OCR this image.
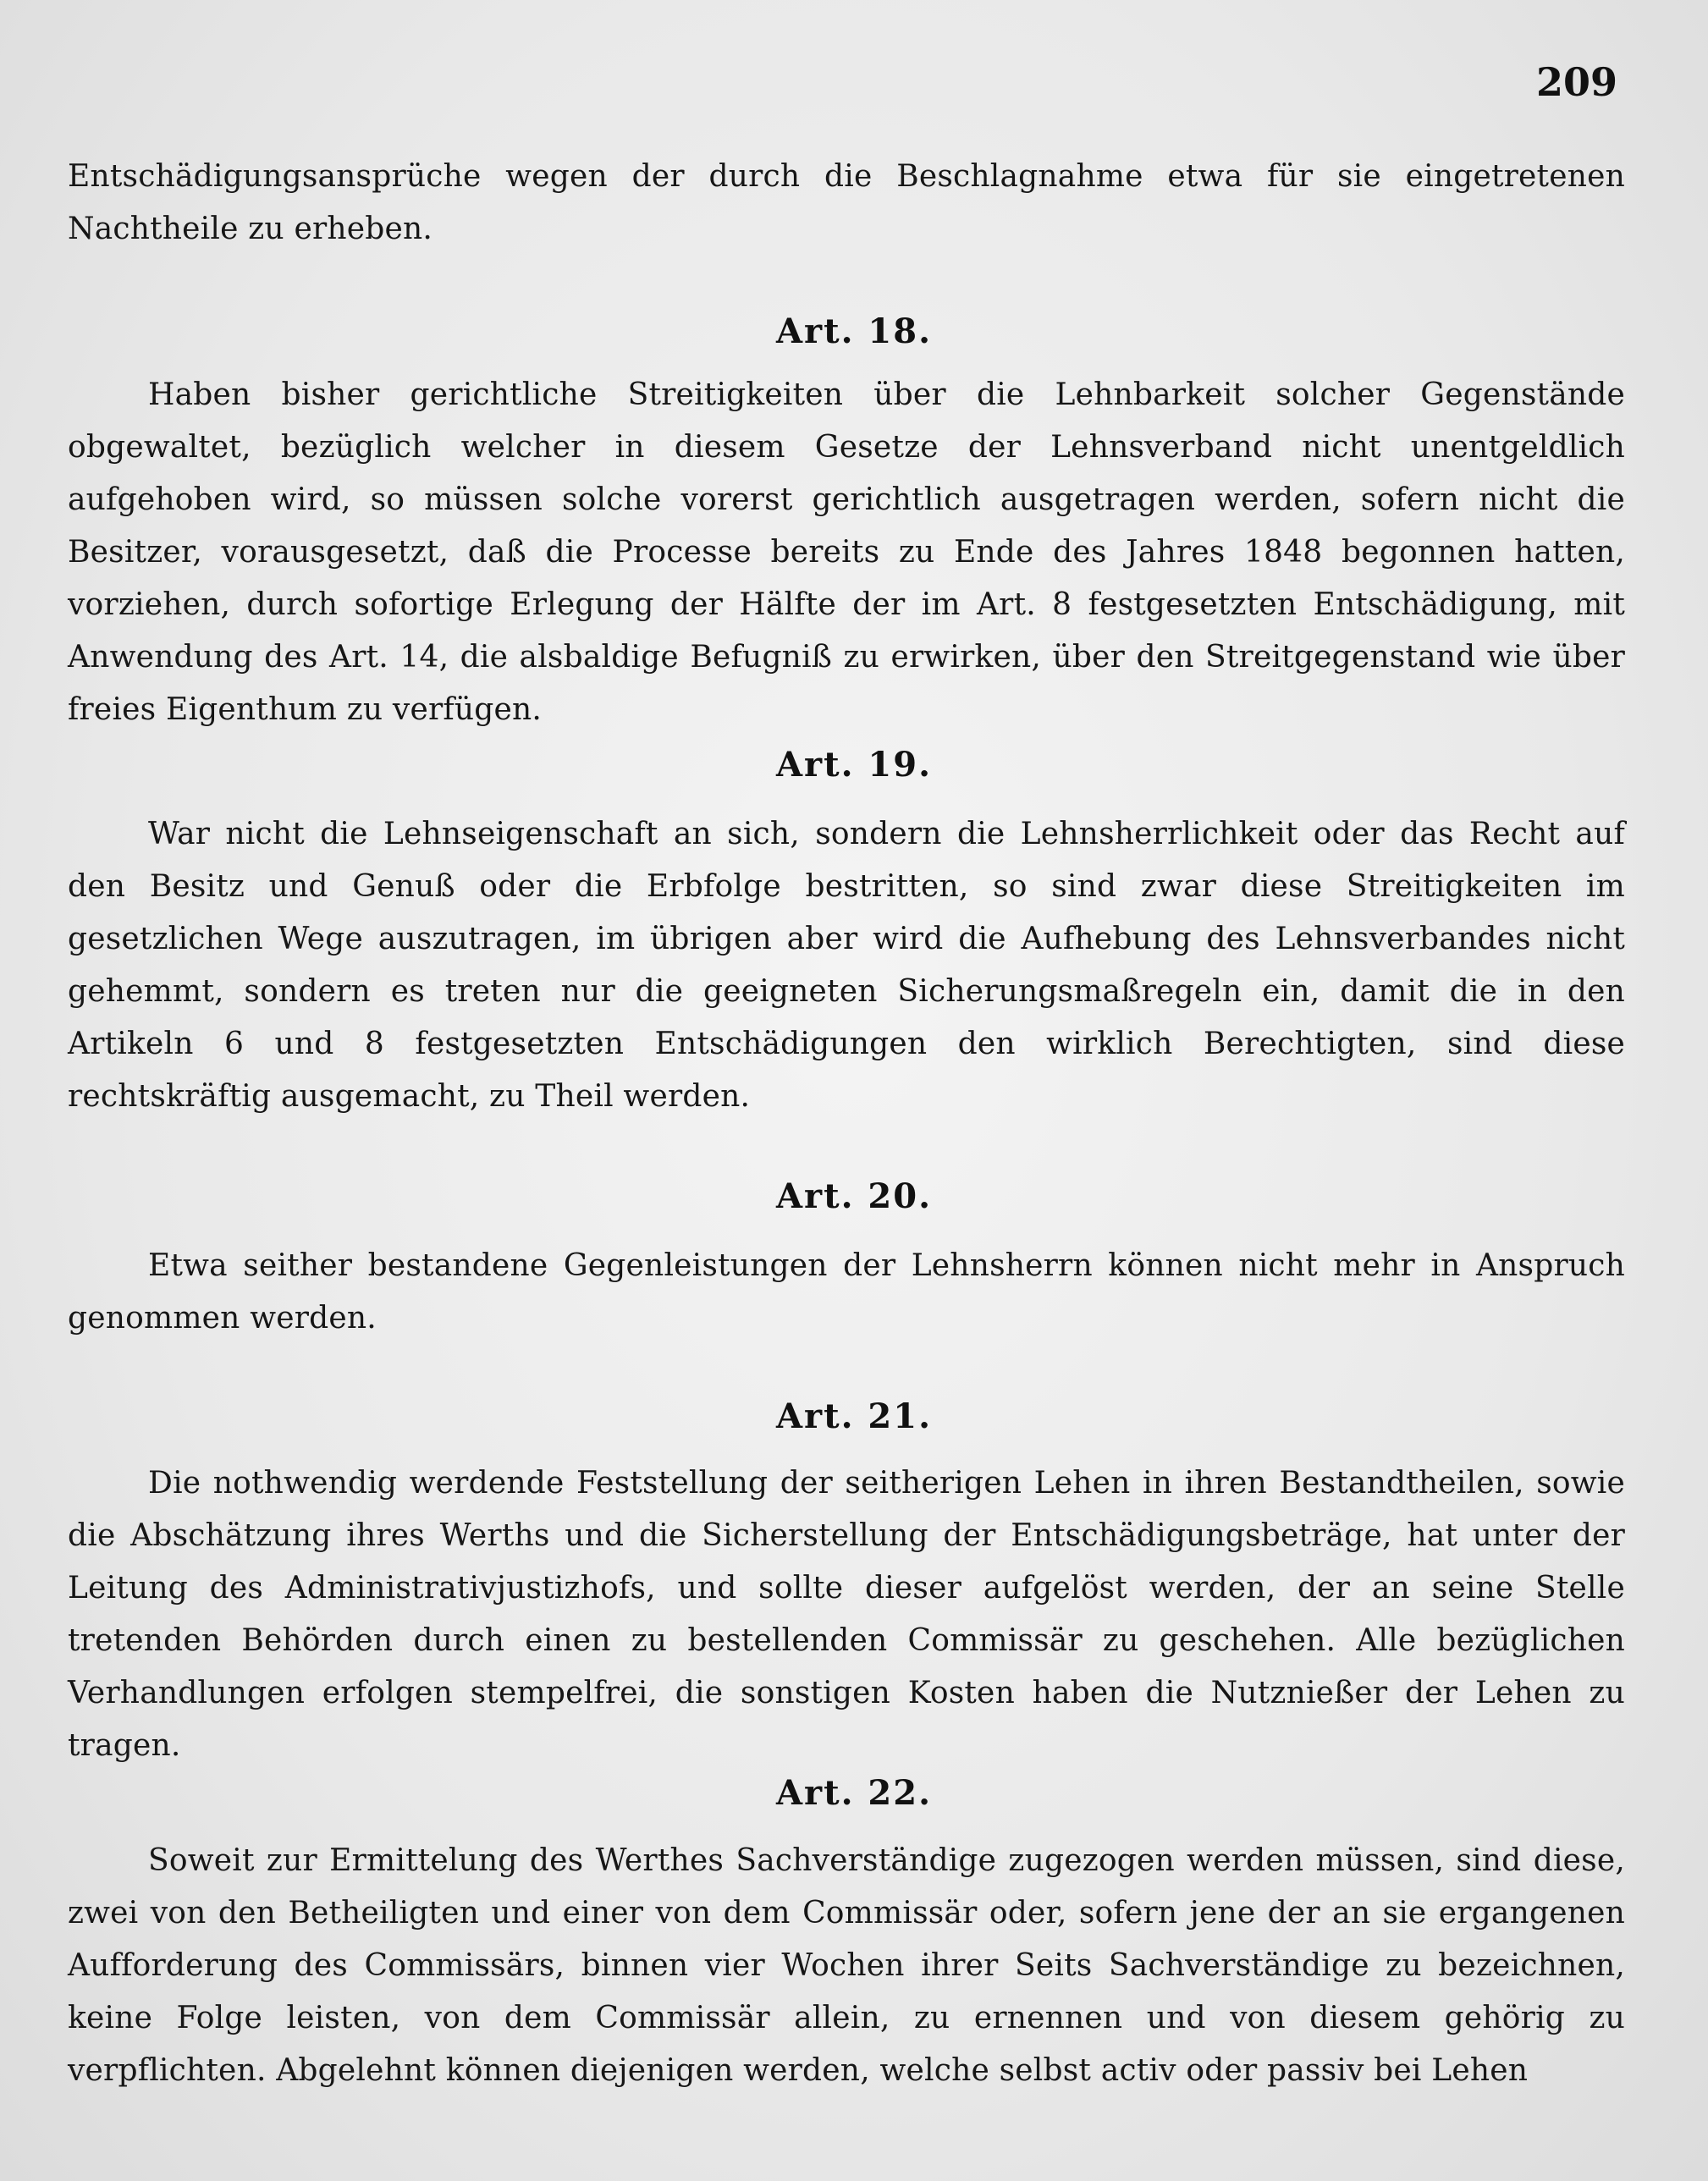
209

Entschädigungsansprüche wegen der durch die Beschlagnahme etwa für sie eingetretenen Nachtheile zu erheben.

Art. 18.

Haben bisher gerichtliche Streitigkeiten über die Lehnbarkeit solcher Gegenstände obgewaltet, bezüglich welcher in diesem Gesetze der Lehnsverband nicht unentgeldlich aufgehoben wird, so müssen solche vorerst gerichtlich ausgetragen werden, sofern nicht die Besitzer, vorausgesetzt, daß die Processe bereits zu Ende des Jahres 1848 begonnen hatten, vorziehen, durch sofortige Erlegung der Hälfte der im Art. 8 festgesetzten Entschädigung, mit Anwendung des Art. 14, die alsbaldige Befugniß zu erwirken, über den Streitgegenstand wie über freies Eigenthum zu verfügen.

Art. 19.

War nicht die Lehnseigenschaft an sich, sondern die Lehnsherrlichkeit oder das Recht auf den Besitz und Genuß oder die Erbfolge bestritten, so sind zwar diese Streitigkeiten im gesetzlichen Wege auszutragen, im übrigen aber wird die Aufhebung des Lehnsverbandes nicht gehemmt, sondern es treten nur die geeigneten Sicherungsmaßregeln ein, damit die in den Artikeln 6 und 8 festgesetzten Entschädigungen den wirklich Berechtigten, sind diese rechtskräftig ausgemacht, zu Theil werden.

Art. 20.

Etwa seither bestandene Gegenleistungen der Lehnsherrn können nicht mehr in Anspruch genommen werden.

Art. 21.

Die nothwendig werdende Feststellung der seitherigen Lehen in ihren Bestandtheilen, sowie die Abschätzung ihres Werths und die Sicherstellung der Entschädigungsbeträge, hat unter der Leitung des Administrativjustizhofs, und sollte dieser aufgelöst werden, der an seine Stelle tretenden Behörden durch einen zu bestellenden Commissär zu geschehen. Alle bezüglichen Verhandlungen erfolgen stempelfrei, die sonstigen Kosten haben die Nutznießer der Lehen zu tragen.

Art. 22.

Soweit zur Ermittelung des Werthes Sachverständige zugezogen werden müssen, sind diese, zwei von den Betheiligten und einer von dem Commissär oder, sofern jene der an sie ergangenen Aufforderung des Commissärs, binnen vier Wochen ihrer Seits Sachverständige zu bezeichnen, keine Folge leisten, von dem Commissär allein, zu ernennen und von diesem gehörig zu verpflichten. Abgelehnt können diejenigen werden, welche selbst activ oder passiv bei Lehen
